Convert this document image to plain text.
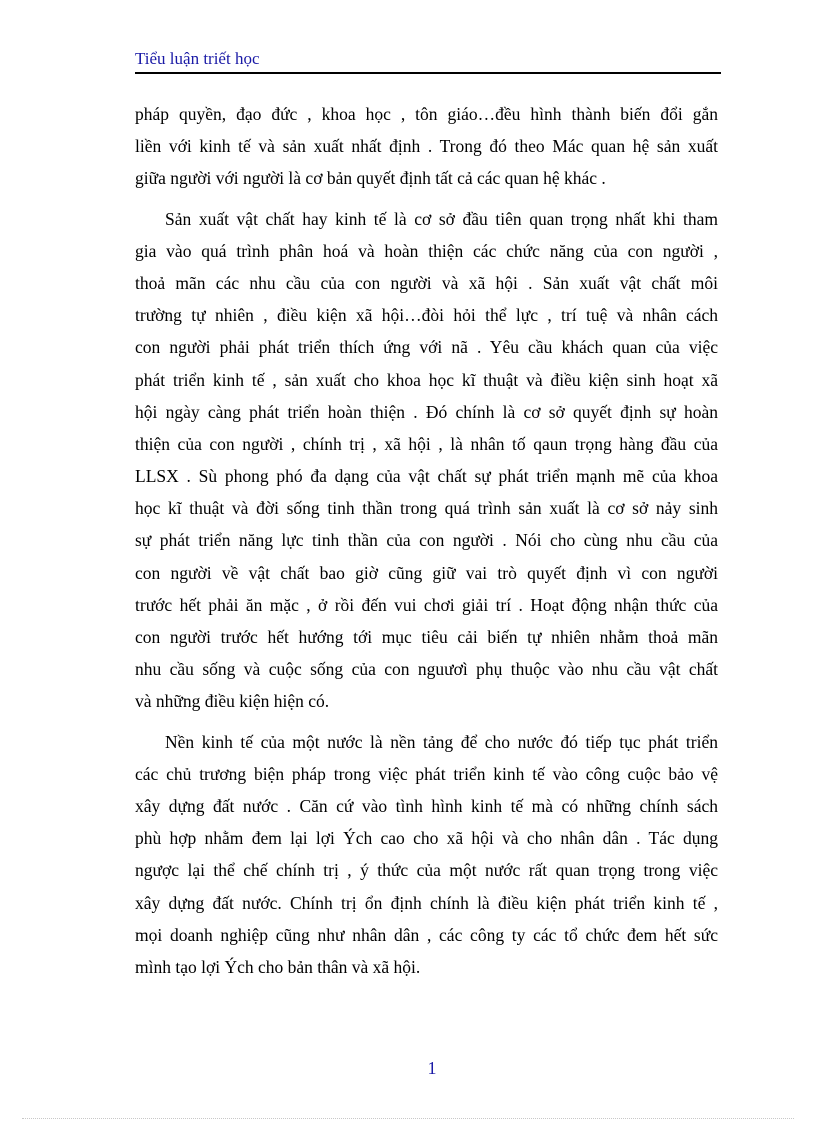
Tiểu luận triết học
pháp quyền, đạo đức , khoa học , tôn giáo…đều hình thành biến đổi gắn
liền với kinh tế và sản xuất nhất định . Trong đó theo Mác quan hệ sản xuất
giữa người với người là cơ bản quyết định tất cả các quan hệ khác .
Sản xuất vật chất hay kinh tế là cơ sở đầu tiên quan trọng nhất khi tham
gia vào quá trình phân hoá và hoàn thiện các chức năng của con người ,
thoả mãn các nhu cầu của con người và xã hội . Sản xuất vật chất môi
trường tự nhiên , điều kiện xã hội…đòi hỏi thể lực , trí tuệ và nhân cách
con người phải phát triển thích ứng với nã . Yêu cầu khách quan của việc
phát triển kinh tế , sản xuất cho khoa học kĩ thuật và điều kiện sinh hoạt xã
hội ngày càng phát triển hoàn thiện . Đó chính là cơ sở quyết định sự hoàn
thiện của con người , chính trị , xã hội , là nhân tố qaun trọng hàng đầu của
LLSX . Sù phong phó đa dạng của vật chất sự phát triển mạnh mẽ của khoa
học kĩ thuật và đời sống tinh thần trong quá trình sản xuất là cơ sở nảy sinh
sự phát triển năng lực tinh thần của con người . Nói cho cùng nhu cầu của
con người về vật chất bao giờ cũng giữ vai trò quyết định vì con người
trước hết phải ăn mặc , ở rồi đến vui chơi giải trí . Hoạt động nhận thức của
con người trước hết hướng tới mục tiêu cải biến tự nhiên nhằm thoả mãn
nhu cầu sống và cuộc sống của con nguươì phụ thuộc vào nhu cầu vật chất
và những điều kiện hiện có.
Nền kinh tế của một nước là nền tảng để cho nước đó tiếp tục phát triển
các chủ trương biện pháp trong việc phát triển kinh tế vào công cuộc bảo vệ
xây dựng đất nước . Căn cứ vào tình hình kinh tế mà có những chính sách
phù hợp nhằm đem lại lợi Ých cao cho xã hội và cho nhân dân . Tác dụng
ngược lại thể chế chính trị , ý thức của một nước rất quan trọng trong việc
xây dựng đất nước. Chính trị ổn định chính là điều kiện phát triển kinh tế ,
mọi doanh nghiệp cũng như nhân dân , các công ty các tổ chức đem hết sức
mình tạo lợi Ých cho bản thân và xã hội.
1
